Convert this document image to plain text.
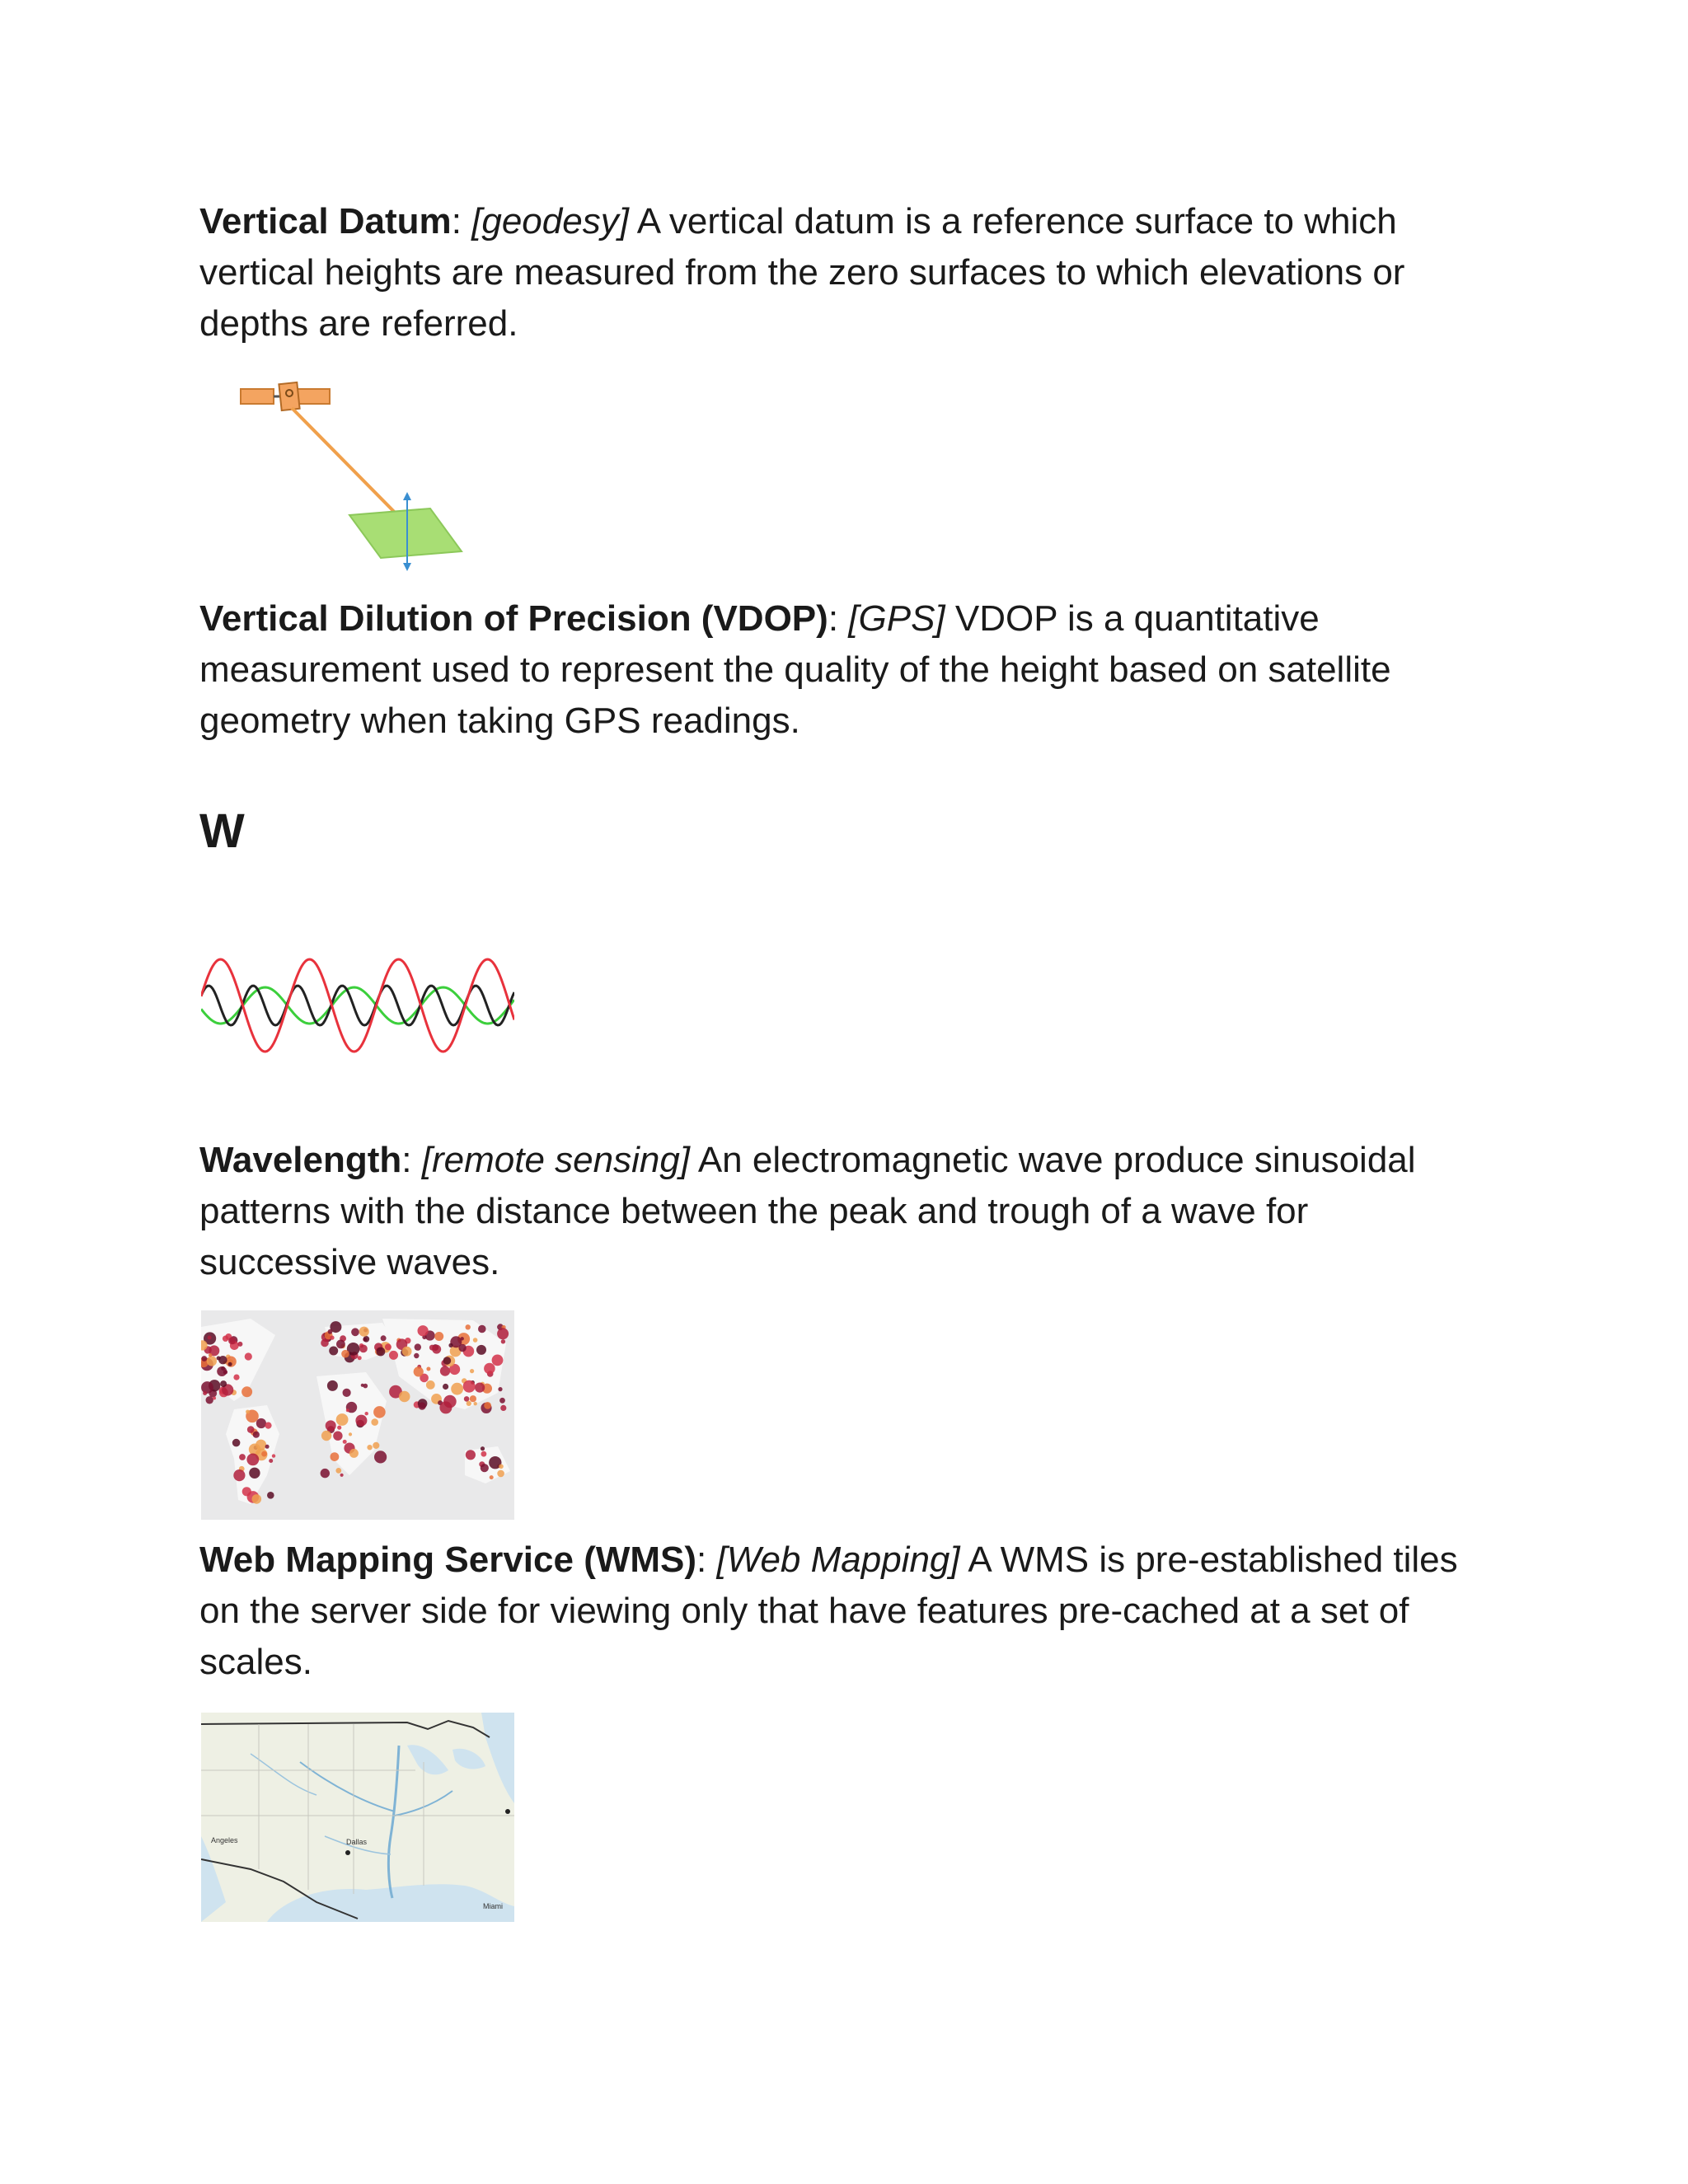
Vertical Datum: [geodesy] A vertical datum is a reference surface to which vertical heights are measured from the zero surfaces to which elevations or depths are referred.

Vertical Dilution of Precision (VDOP): [GPS] VDOP is a quantitative measurement used to represent the quality of the height based on satellite geometry when taking GPS readings.

W

Wavelength: [remote sensing] An electromagnetic wave produce sinusoidal patterns with the distance between the peak and trough of a wave for successive waves.

Web Mapping Service (WMS): [Web Mapping] A WMS is pre-established tiles on the server side for viewing only that have features pre-cached at a set of scales.

Angeles	Dallas
Miami
